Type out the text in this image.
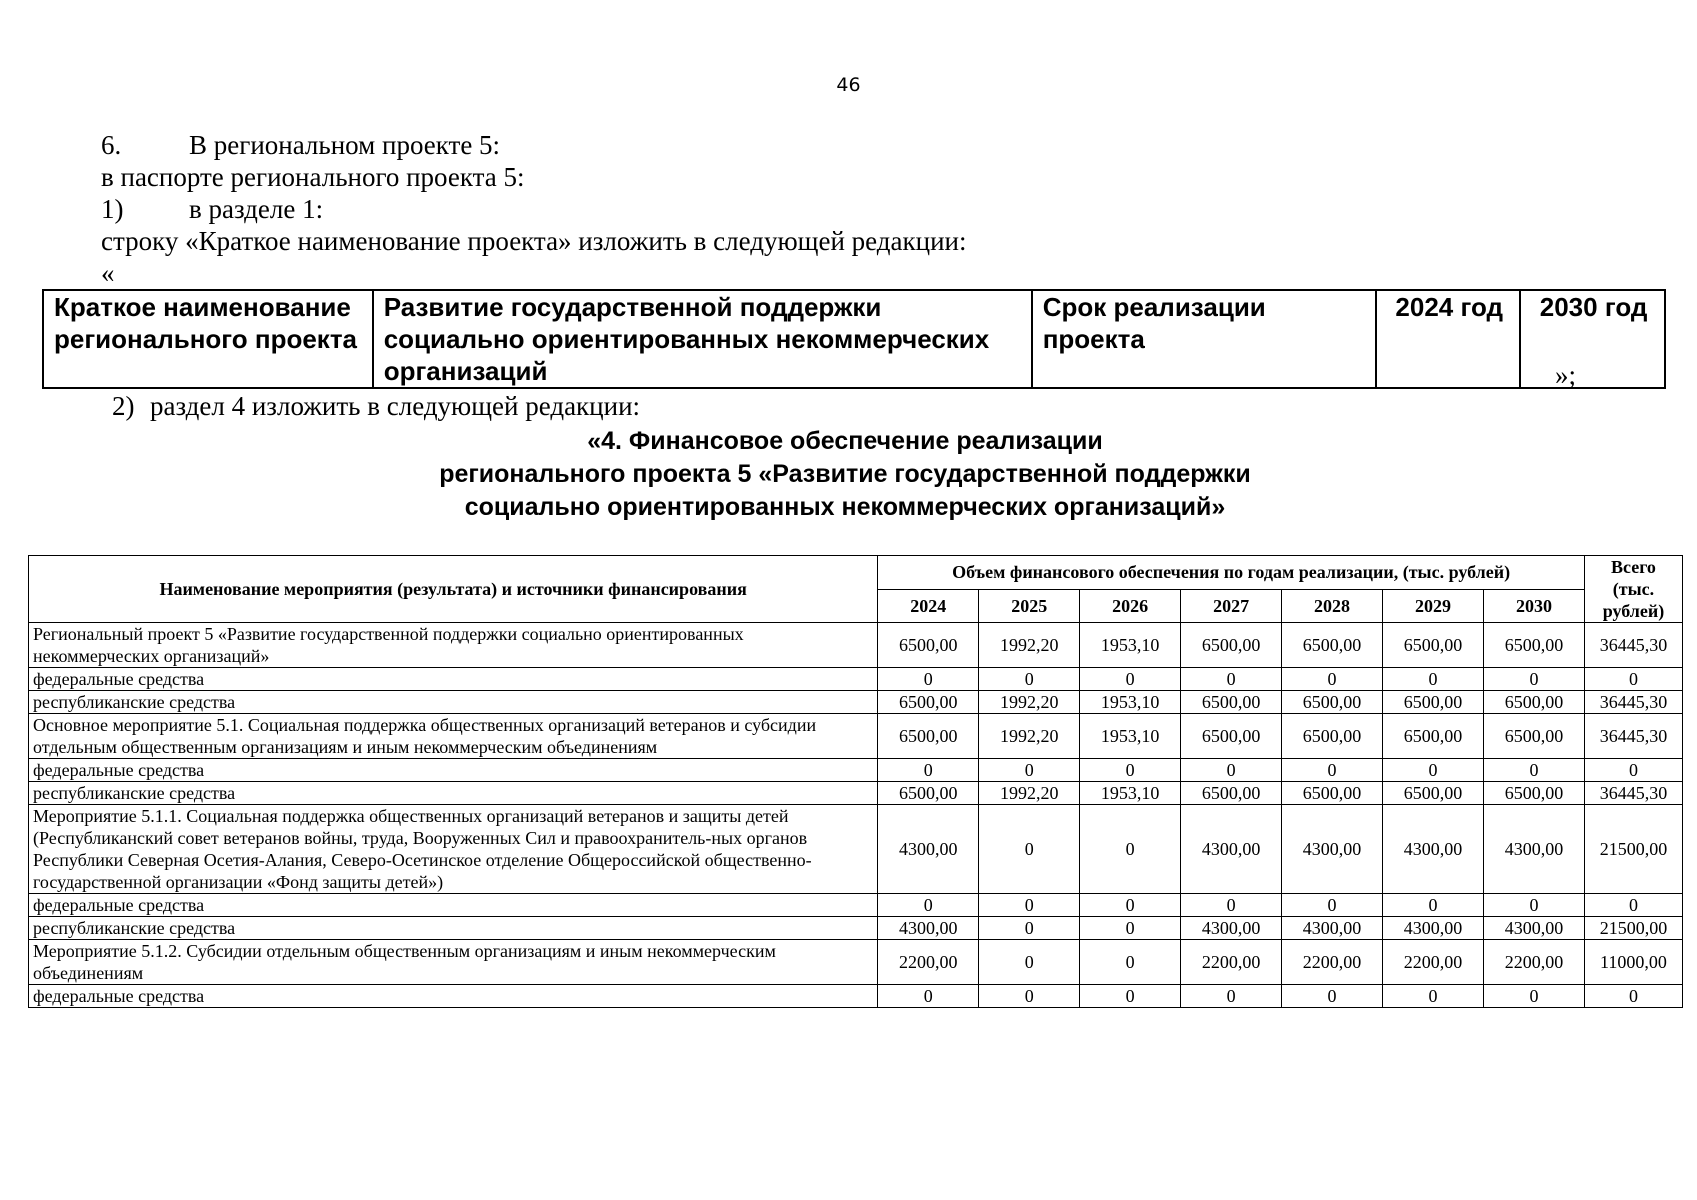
46
6.	В региональном проекте 5:
в паспорте регионального проекта 5:
1) в разделе 1:
строку «Краткое наименование проекта» изложить в следующей редакции:
«
Краткое наименование регионального проекта	Развитие государственной поддержки социально ориентированных некоммерческих организаций	Срок реализации проекта	2024 год	2030 год
»;
2) раздел 4 изложить в следующей редакции:
«4. Финансовое обеспечение реализации
регионального проекта 5 «Развитие государственной поддержки
социально ориентированных некоммерческих организаций»
Наименование мероприятия (результата) и источники финансирования	Объем финансового обеспечения по годам реализации, (тыс. рублей)							Всего (тыс. рублей)
	2024	2025	2026	2027	2028	2029	2030	
Региональный проект 5 «Развитие государственной поддержки социально ориентированных некоммерческих организаций»	6500,00	1992,20	1953,10	6500,00	6500,00	6500,00	6500,00	36445,30
федеральные средства	0	0	0	0	0	0	0	0
республиканские средства	6500,00	1992,20	1953,10	6500,00	6500,00	6500,00	6500,00	36445,30
Основное мероприятие 5.1. Социальная поддержка общественных организаций ветеранов и субсидии отдельным общественным организациям и иным некоммерческим объединениям	6500,00	1992,20	1953,10	6500,00	6500,00	6500,00	6500,00	36445,30
федеральные средства	0	0	0	0	0	0	0	0
республиканские средства	6500,00	1992,20	1953,10	6500,00	6500,00	6500,00	6500,00	36445,30
Мероприятие 5.1.1. Социальная поддержка общественных организаций ветеранов и защиты детей (Республиканский совет ветеранов войны, труда, Вооруженных Сил и правоохранитель-ных органов Республики Северная Осетия-Алания, Северо-Осетинское отделение Общероссийской общественно-государственной организации «Фонд защиты детей»)	4300,00	0	0	4300,00	4300,00	4300,00	4300,00	21500,00
федеральные средства	0	0	0	0	0	0	0	0
республиканские средства	4300,00	0	0	4300,00	4300,00	4300,00	4300,00	21500,00
Мероприятие 5.1.2. Субсидии отдельным общественным организациям и иным некоммерческим объединениям	2200,00	0	0	2200,00	2200,00	2200,00	2200,00	11000,00
федеральные средства	0	0	0	0	0	0	0	0
